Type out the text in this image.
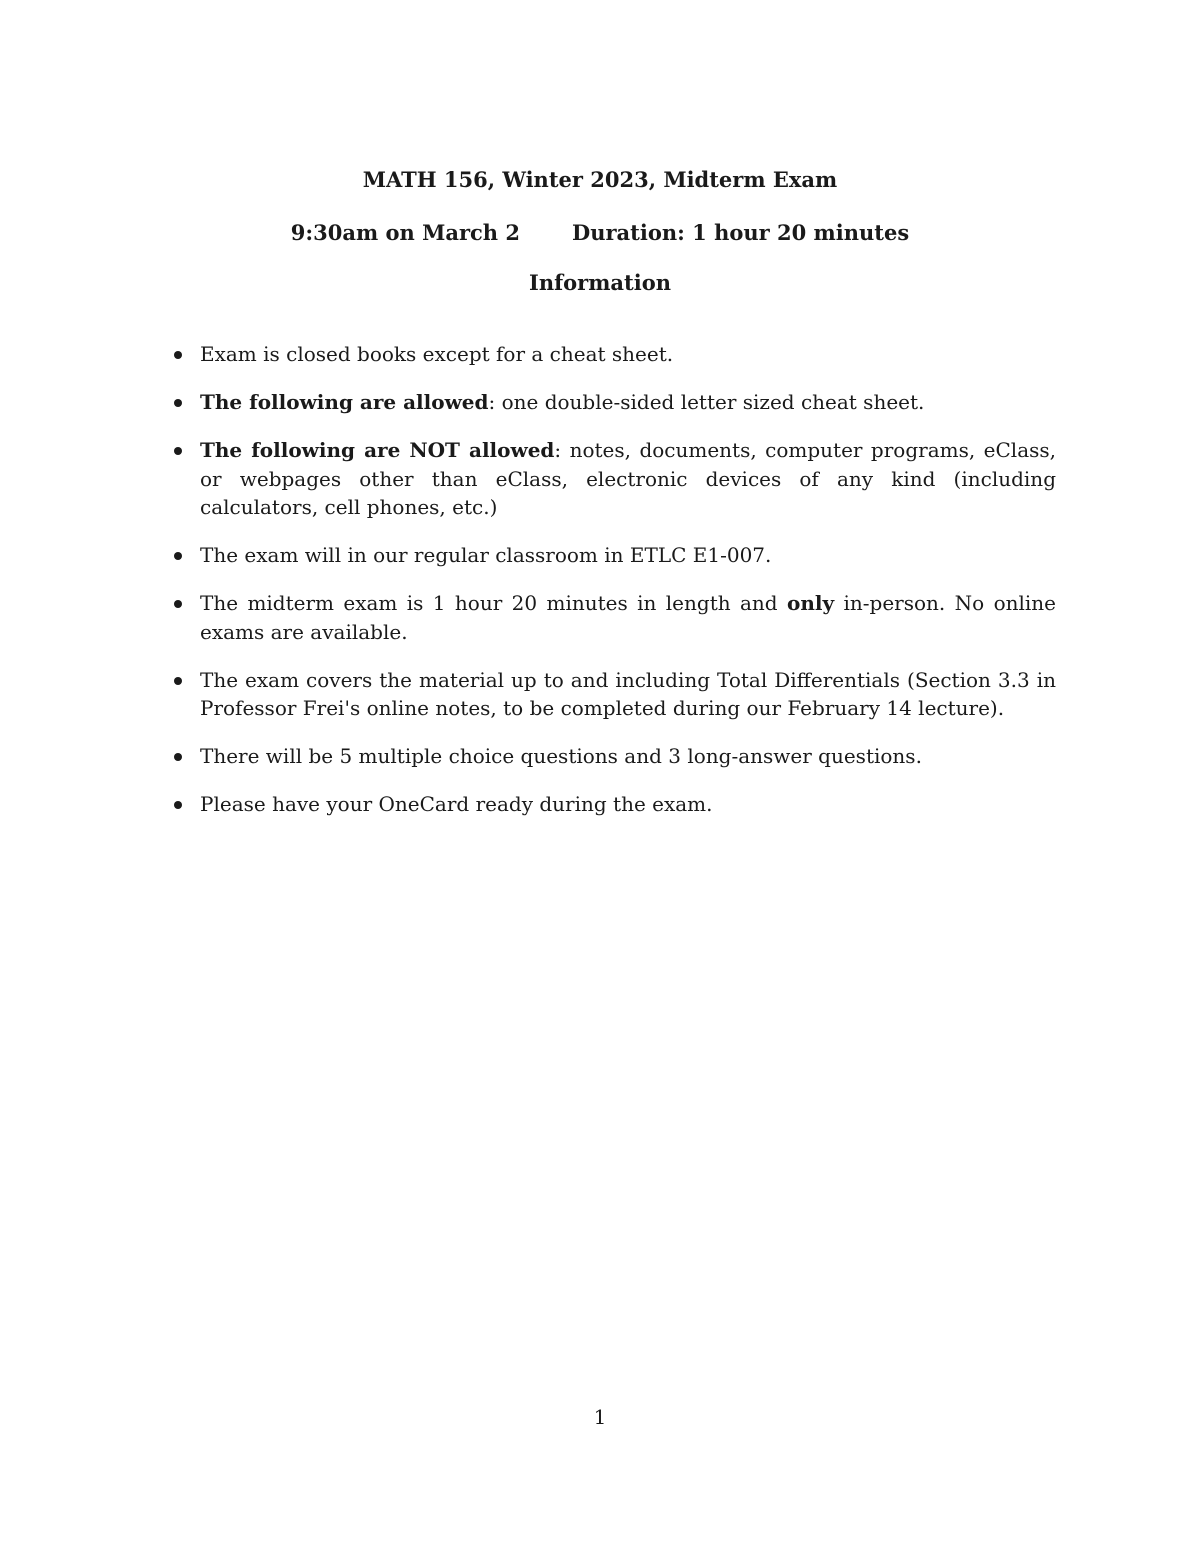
MATH 156, Winter 2023, Midterm Exam
9:30am on March 2 Duration: 1 hour 20 minutes
Information
Exam is closed books except for a cheat sheet.
The following are allowed: one double-sided letter sized cheat sheet.
The following are NOT allowed: notes, documents, computer programs, eClass, or webpages other than eClass, electronic devices of any kind (including calculators, cell phones, etc.)
The exam will in our regular classroom in ETLC E1-007.
The midterm exam is 1 hour 20 minutes in length and only in-person. No online exams are available.
The exam covers the material up to and including Total Differentials (Section 3.3 in Professor Frei's online notes, to be completed during our February 14 lecture).
There will be 5 multiple choice questions and 3 long-answer questions.
Please have your OneCard ready during the exam.
1
